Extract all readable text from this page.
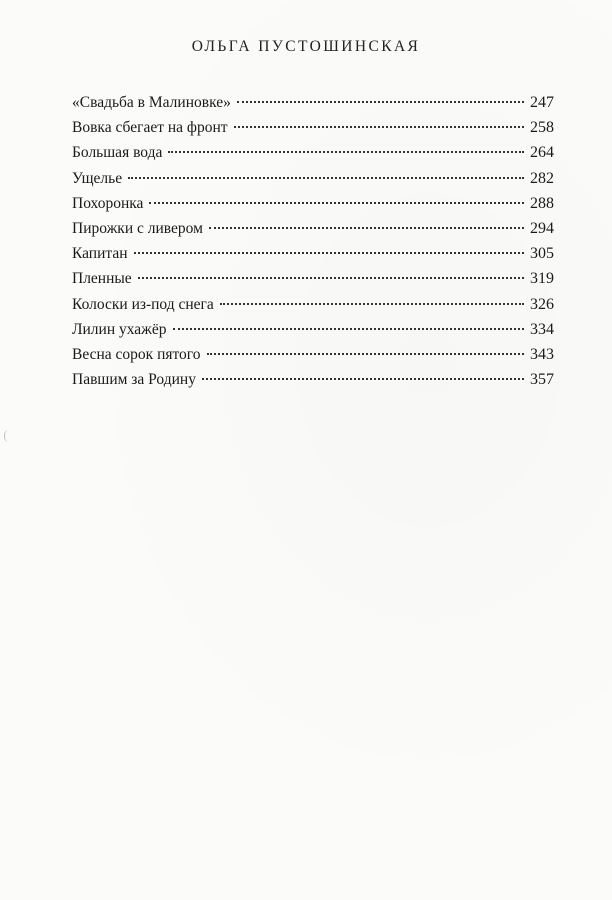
ОЛЬГА ПУСТОШИНСКАЯ
«Свадьба в Малиновке»	247
Вовка сбегает на фронт	258
Большая вода	264
Ущелье	282
Похоронка	288
Пирожки с ливером	294
Капитан	305
Пленные	319
Колоски из-под снега	326
Лилин ухажёр	334
Весна сорок пятого	343
Павшим за Родину	357
